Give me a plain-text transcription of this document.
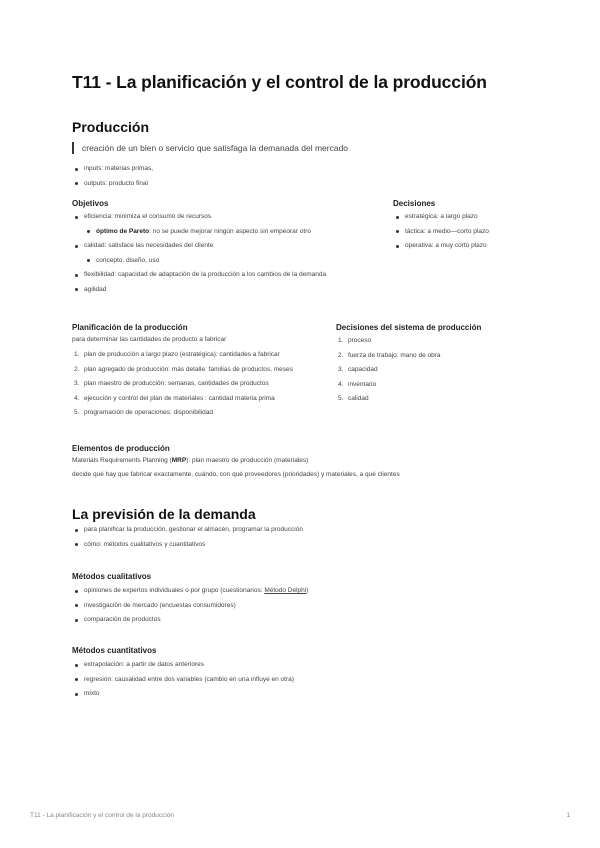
T11 - La planificación y el control de la producción
Producción
creación de un bien o servicio que satisfaga la demanada del mercado
inputs: materias primas,
outputs: producto final
Objetivos
eficiencia: minimiza el consumo de recursos
óptimo de Pareto: no se puede mejorar ningún aspecto sin empeorar otro
calidad: satisface las necesidades del cliente
concepto, diseño, uso
flexibilidad: capacidad de adaptación de la producción a los cambios de la demanda
agilidad
Decisiones
estratégica: a largo plazo
táctica: a medio—corto plazo
operativa: a muy corto plazo
Planificación de la producción
para determinar las cantidades de producto a fabricar
1. plan de producción a largo plazo (estratégica): cantidades a fabricar
2. plan agregado de producción: más detalle: familias de productos, meses
3. plan maestro de producción: semanas, cantidades de productos
4. ejecución y control del plan de materiales : cantidad materia prima
5. programación de operaciones: disponibilidad
Decisiones del sistema de producción
1. proceso
2. fuerza de trabajo: mano de obra
3. capacidad
4. inventario
5. calidad
Elementos de producción
Materials Requirements Planning (MRP): plan maestro de producción (materiales)
decide qué hay que fabricar exactamente, cuándo, con qué proveedores (prioridades) y materiales, a qué clientes
La previsión de la demanda
para planificar la producción, gestionar el almacén, programar la producción
cómo: métodos cualitativos y cuantitativos
Métodos cualitativos
opiniones de expertos individuales o por grupo (cuestionarios: Método Delphi)
investigación de mercado (encuestas consumidores)
comparación de productos
Métodos cuantitativos
extrapolación: a partir de datos anteriores
regresión: causalidad entre dos variables (cambio en una influye en otra)
mixto
T11 - La planificación y el control de la producción	1
